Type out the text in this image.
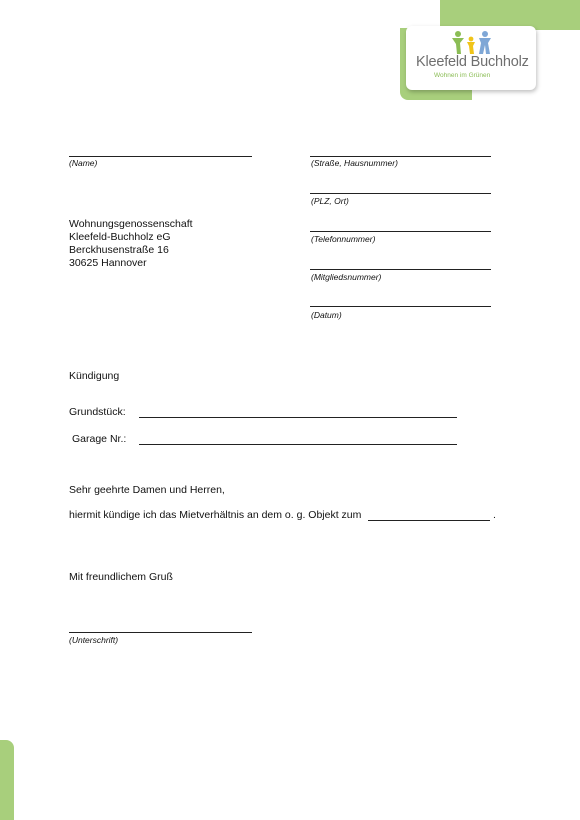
Kleefeld Buchholz
Wohnen im Grünen
(Name)	(Straße, Hausnummer)
(PLZ, Ort)
(Telefonnummer)
(Mitgliedsnummer)
(Datum)
Wohnungsgenossenschaft
Kleefeld-Buchholz eG
Berckhusenstraße 16
30625 Hannover
Kündigung
Grundstück:
Garage Nr.:
Sehr geehrte Damen und Herren,
hiermit kündige ich das Mietverhältnis an dem o. g. Objekt zum	.
Mit freundlichem Gruß
(Unterschrift)
